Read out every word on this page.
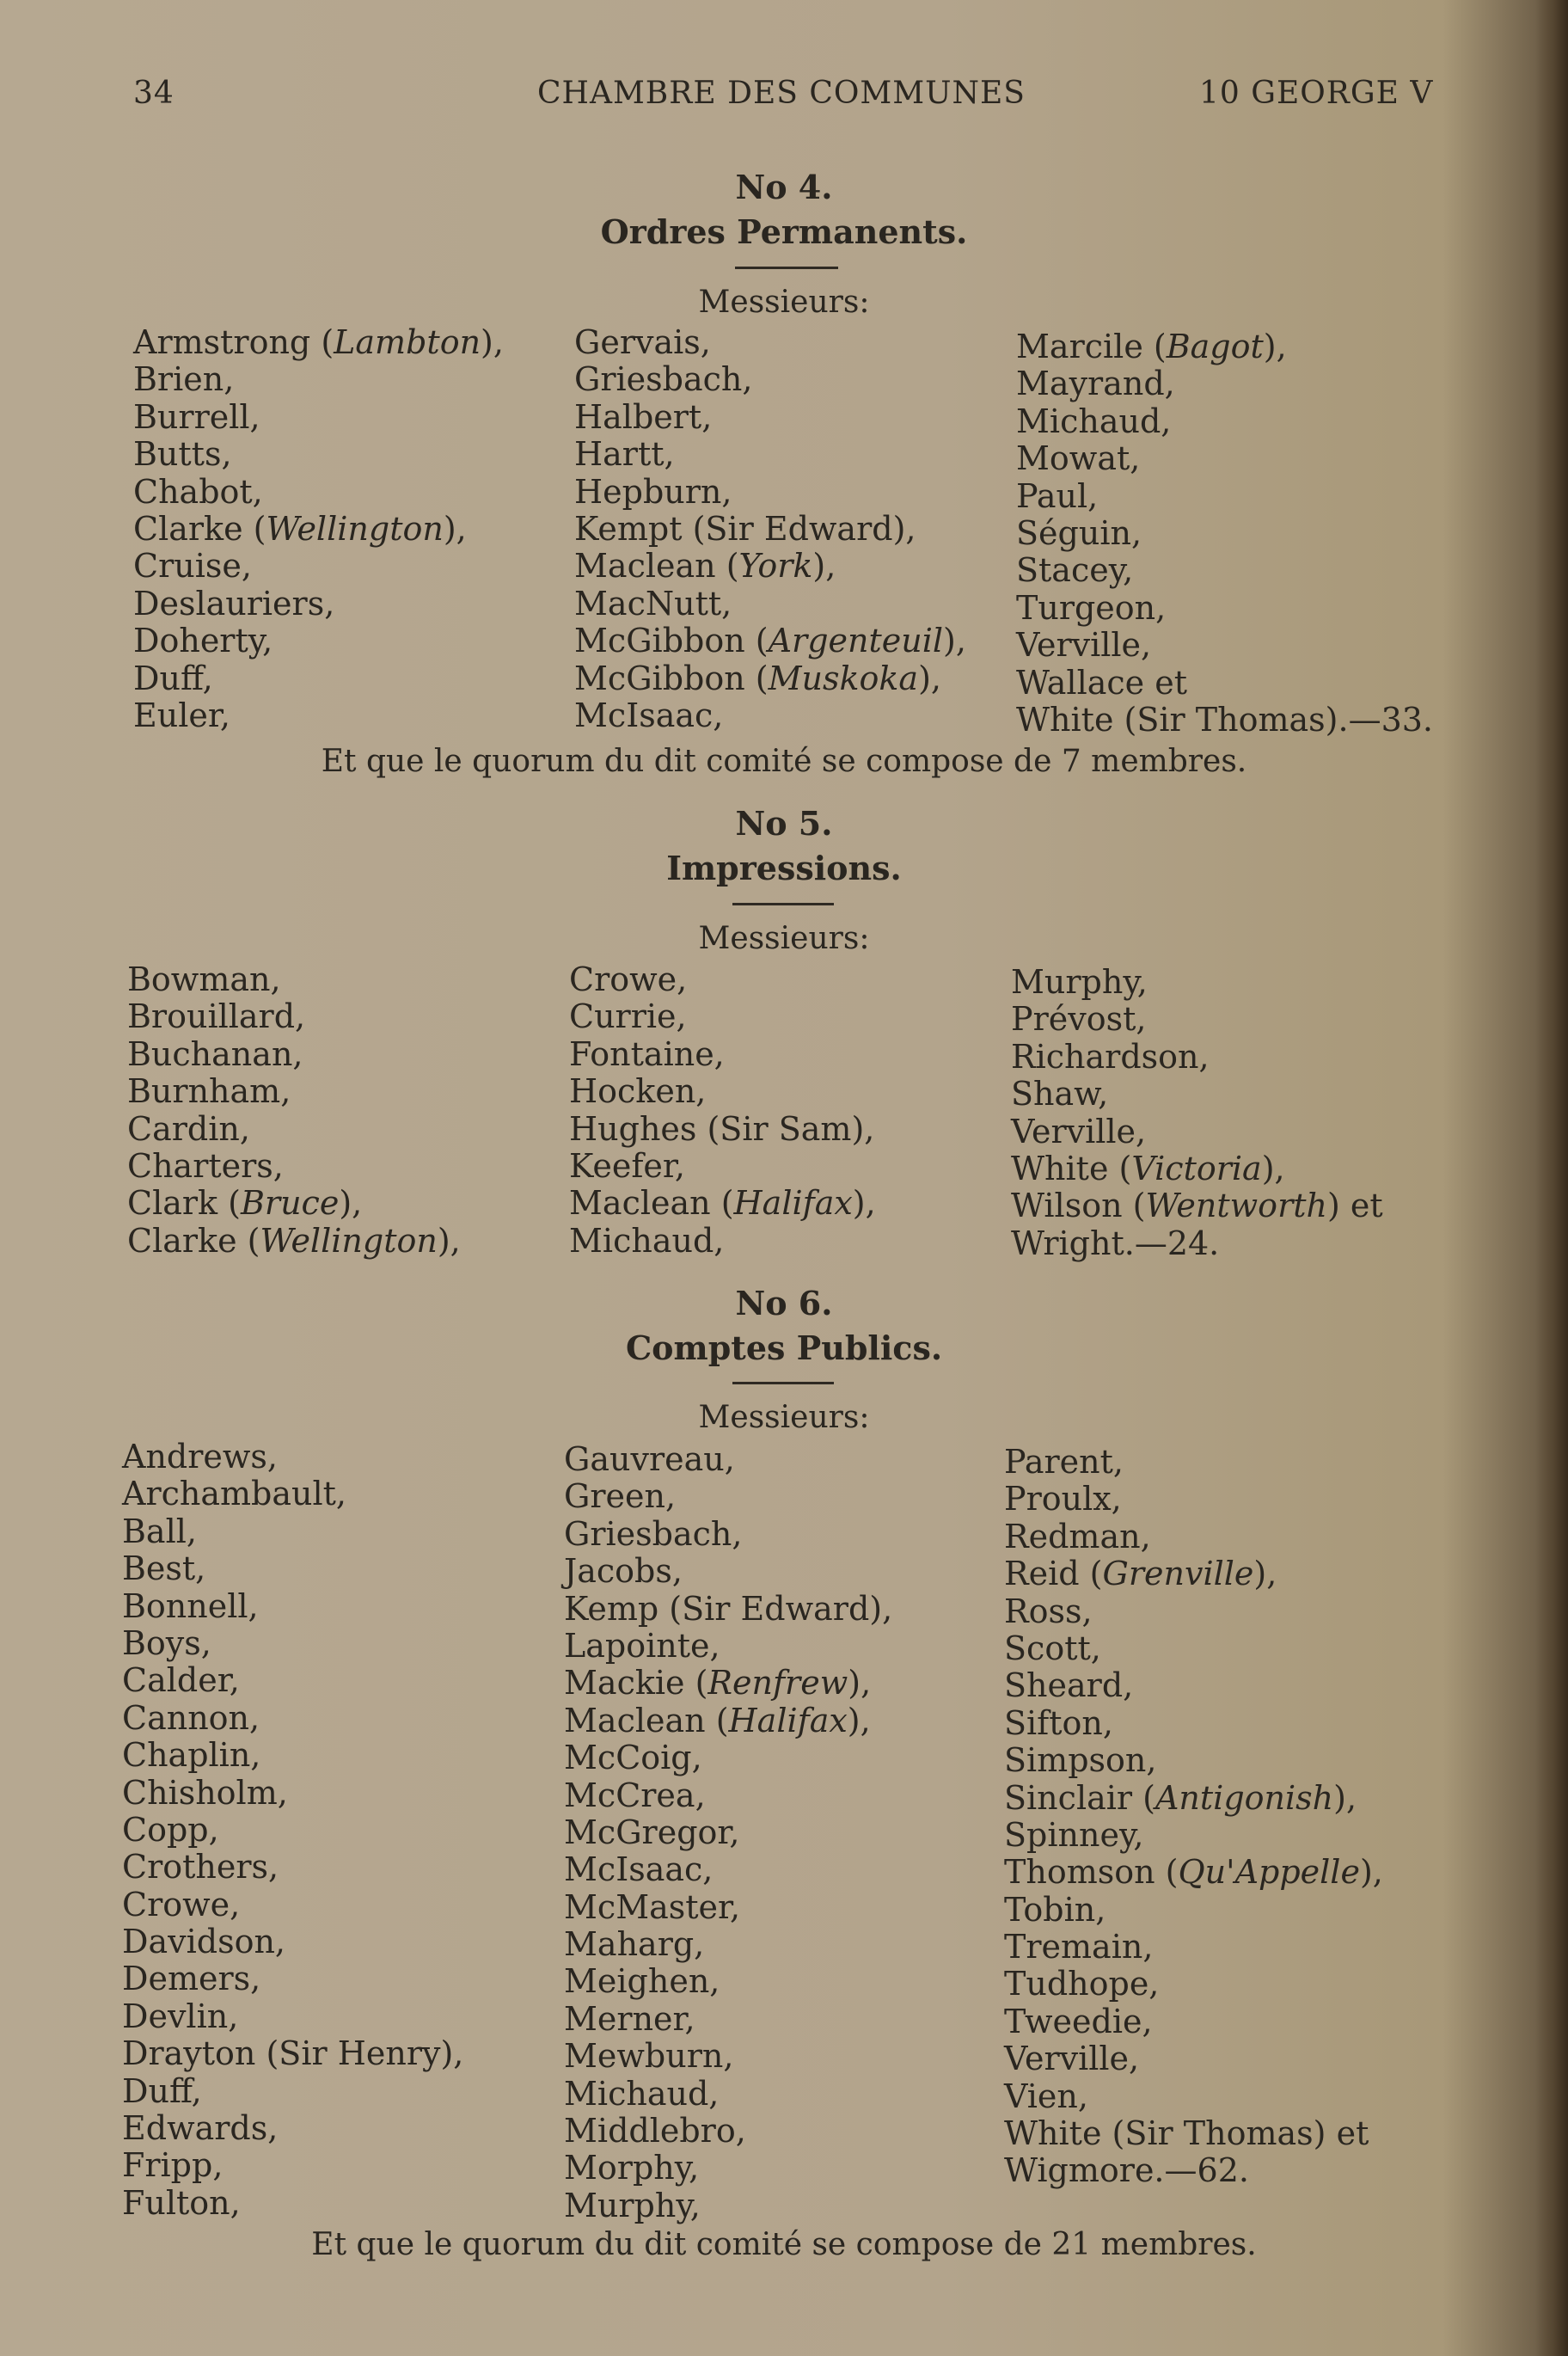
34	CHAMBRE DES COMMUNES	10 GEORGE V
No 4.
Ordres Permanents.
Messieurs:
Armstrong (Lambton),
Brien,
Burrell,
Butts,
Chabot,
Clarke (Wellington),
Cruise,
Deslauriers,
Doherty,
Duff,
Euler,
Gervais,
Griesbach,
Halbert,
Hartt,
Hepburn,
Kempt (Sir Edward),
Maclean (York),
MacNutt,
McGibbon (Argenteuil),
McGibbon (Muskoka),
McIsaac,
Marcile (Bagot),
Mayrand,
Michaud,
Mowat,
Paul,
Séguin,
Stacey,
Turgeon,
Verville,
Wallace et
White (Sir Thomas).—33.
Et que le quorum du dit comité se compose de 7 membres.
No 5.
Impressions.
Messieurs:
Bowman,
Brouillard,
Buchanan,
Burnham,
Cardin,
Charters,
Clark (Bruce),
Clarke (Wellington),
Crowe,
Currie,
Fontaine,
Hocken,
Hughes (Sir Sam),
Keefer,
Maclean (Halifax),
Michaud,
Murphy,
Prévost,
Richardson,
Shaw,
Verville,
White (Victoria),
Wilson (Wentworth) et
Wright.—24.
No 6.
Comptes Publics.
Messieurs:
Andrews,
Archambault,
Ball,
Best,
Bonnell,
Boys,
Calder,
Cannon,
Chaplin,
Chisholm,
Copp,
Crothers,
Crowe,
Davidson,
Demers,
Devlin,
Drayton (Sir Henry),
Duff,
Edwards,
Fripp,
Fulton,
Gauvreau,
Green,
Griesbach,
Jacobs,
Kemp (Sir Edward),
Lapointe,
Mackie (Renfrew),
Maclean (Halifax),
McCoig,
McCrea,
McGregor,
McIsaac,
McMaster,
Maharg,
Meighen,
Merner,
Mewburn,
Michaud,
Middlebro,
Morphy,
Murphy,
Parent,
Proulx,
Redman,
Reid (Grenville),
Ross,
Scott,
Sheard,
Sifton,
Simpson,
Sinclair (Antigonish),
Spinney,
Thomson (Qu'Appelle),
Tobin,
Tremain,
Tudhope,
Tweedie,
Verville,
Vien,
White (Sir Thomas) et
Wigmore.—62.
Et que le quorum du dit comité se compose de 21 membres.
